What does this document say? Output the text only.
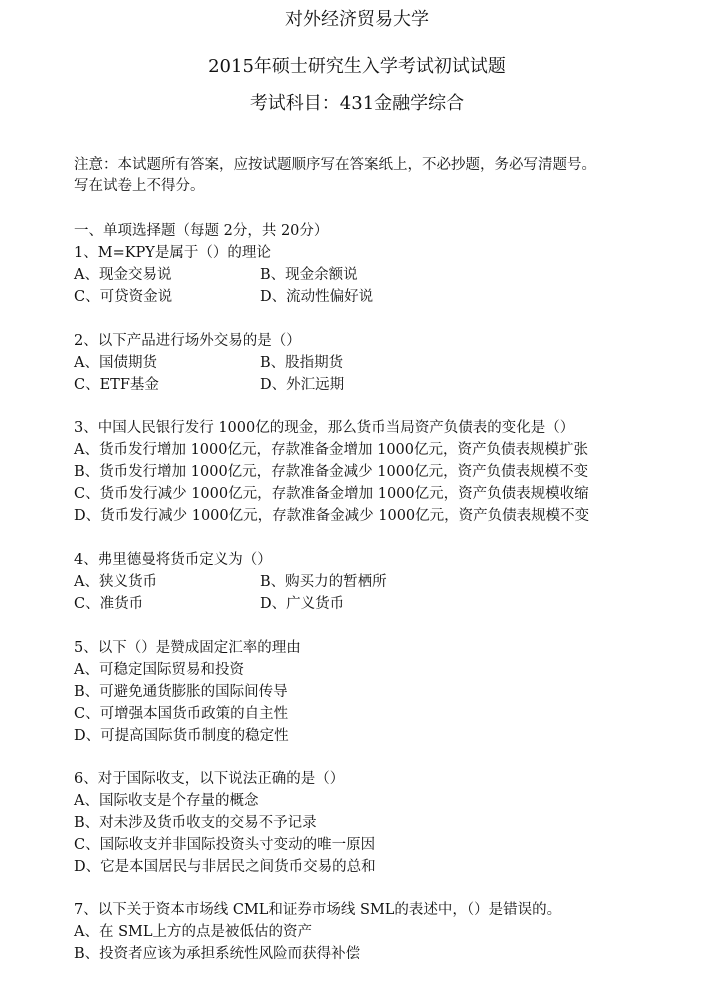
对外经济贸易大学
2015年硕士研究生入学考试初试试题
考试科目：431金融学综合
注意：本试题所有答案，应按试题顺序写在答案纸上，不必抄题，务必写清题号。
写在试卷上不得分。
一、单项选择题（每题 2分，共 20分）
1、M=KPY是属于（）的理论
A、现金交易说	B、现金余额说
C、可贷资金说	D、流动性偏好说
2、以下产品进行场外交易的是（）
A、国债期货	B、股指期货
C、ETF基金	D、外汇远期
3、中国人民银行发行 1000亿的现金，那么货币当局资产负债表的变化是（）
A、货币发行增加 1000亿元，存款准备金增加 1000亿元，资产负债表规模扩张
B、货币发行增加 1000亿元，存款准备金减少 1000亿元，资产负债表规模不变
C、货币发行减少 1000亿元，存款准备金增加 1000亿元，资产负债表规模收缩
D、货币发行减少 1000亿元，存款准备金减少 1000亿元，资产负债表规模不变
4、弗里德曼将货币定义为（）
A、狭义货币	B、购买力的暂栖所
C、准货币	D、广义货币
5、以下（）是赞成固定汇率的理由
A、可稳定国际贸易和投资
B、可避免通货膨胀的国际间传导
C、可增强本国货币政策的自主性
D、可提高国际货币制度的稳定性
6、对于国际收支，以下说法正确的是（）
A、国际收支是个存量的概念
B、对未涉及货币收支的交易不予记录
C、国际收支并非国际投资头寸变动的唯一原因
D、它是本国居民与非居民之间货币交易的总和
7、以下关于资本市场线 CML和证券市场线 SML的表述中，（）是错误的。
A、在 SML上方的点是被低估的资产
B、投资者应该为承担系统性风险而获得补偿
